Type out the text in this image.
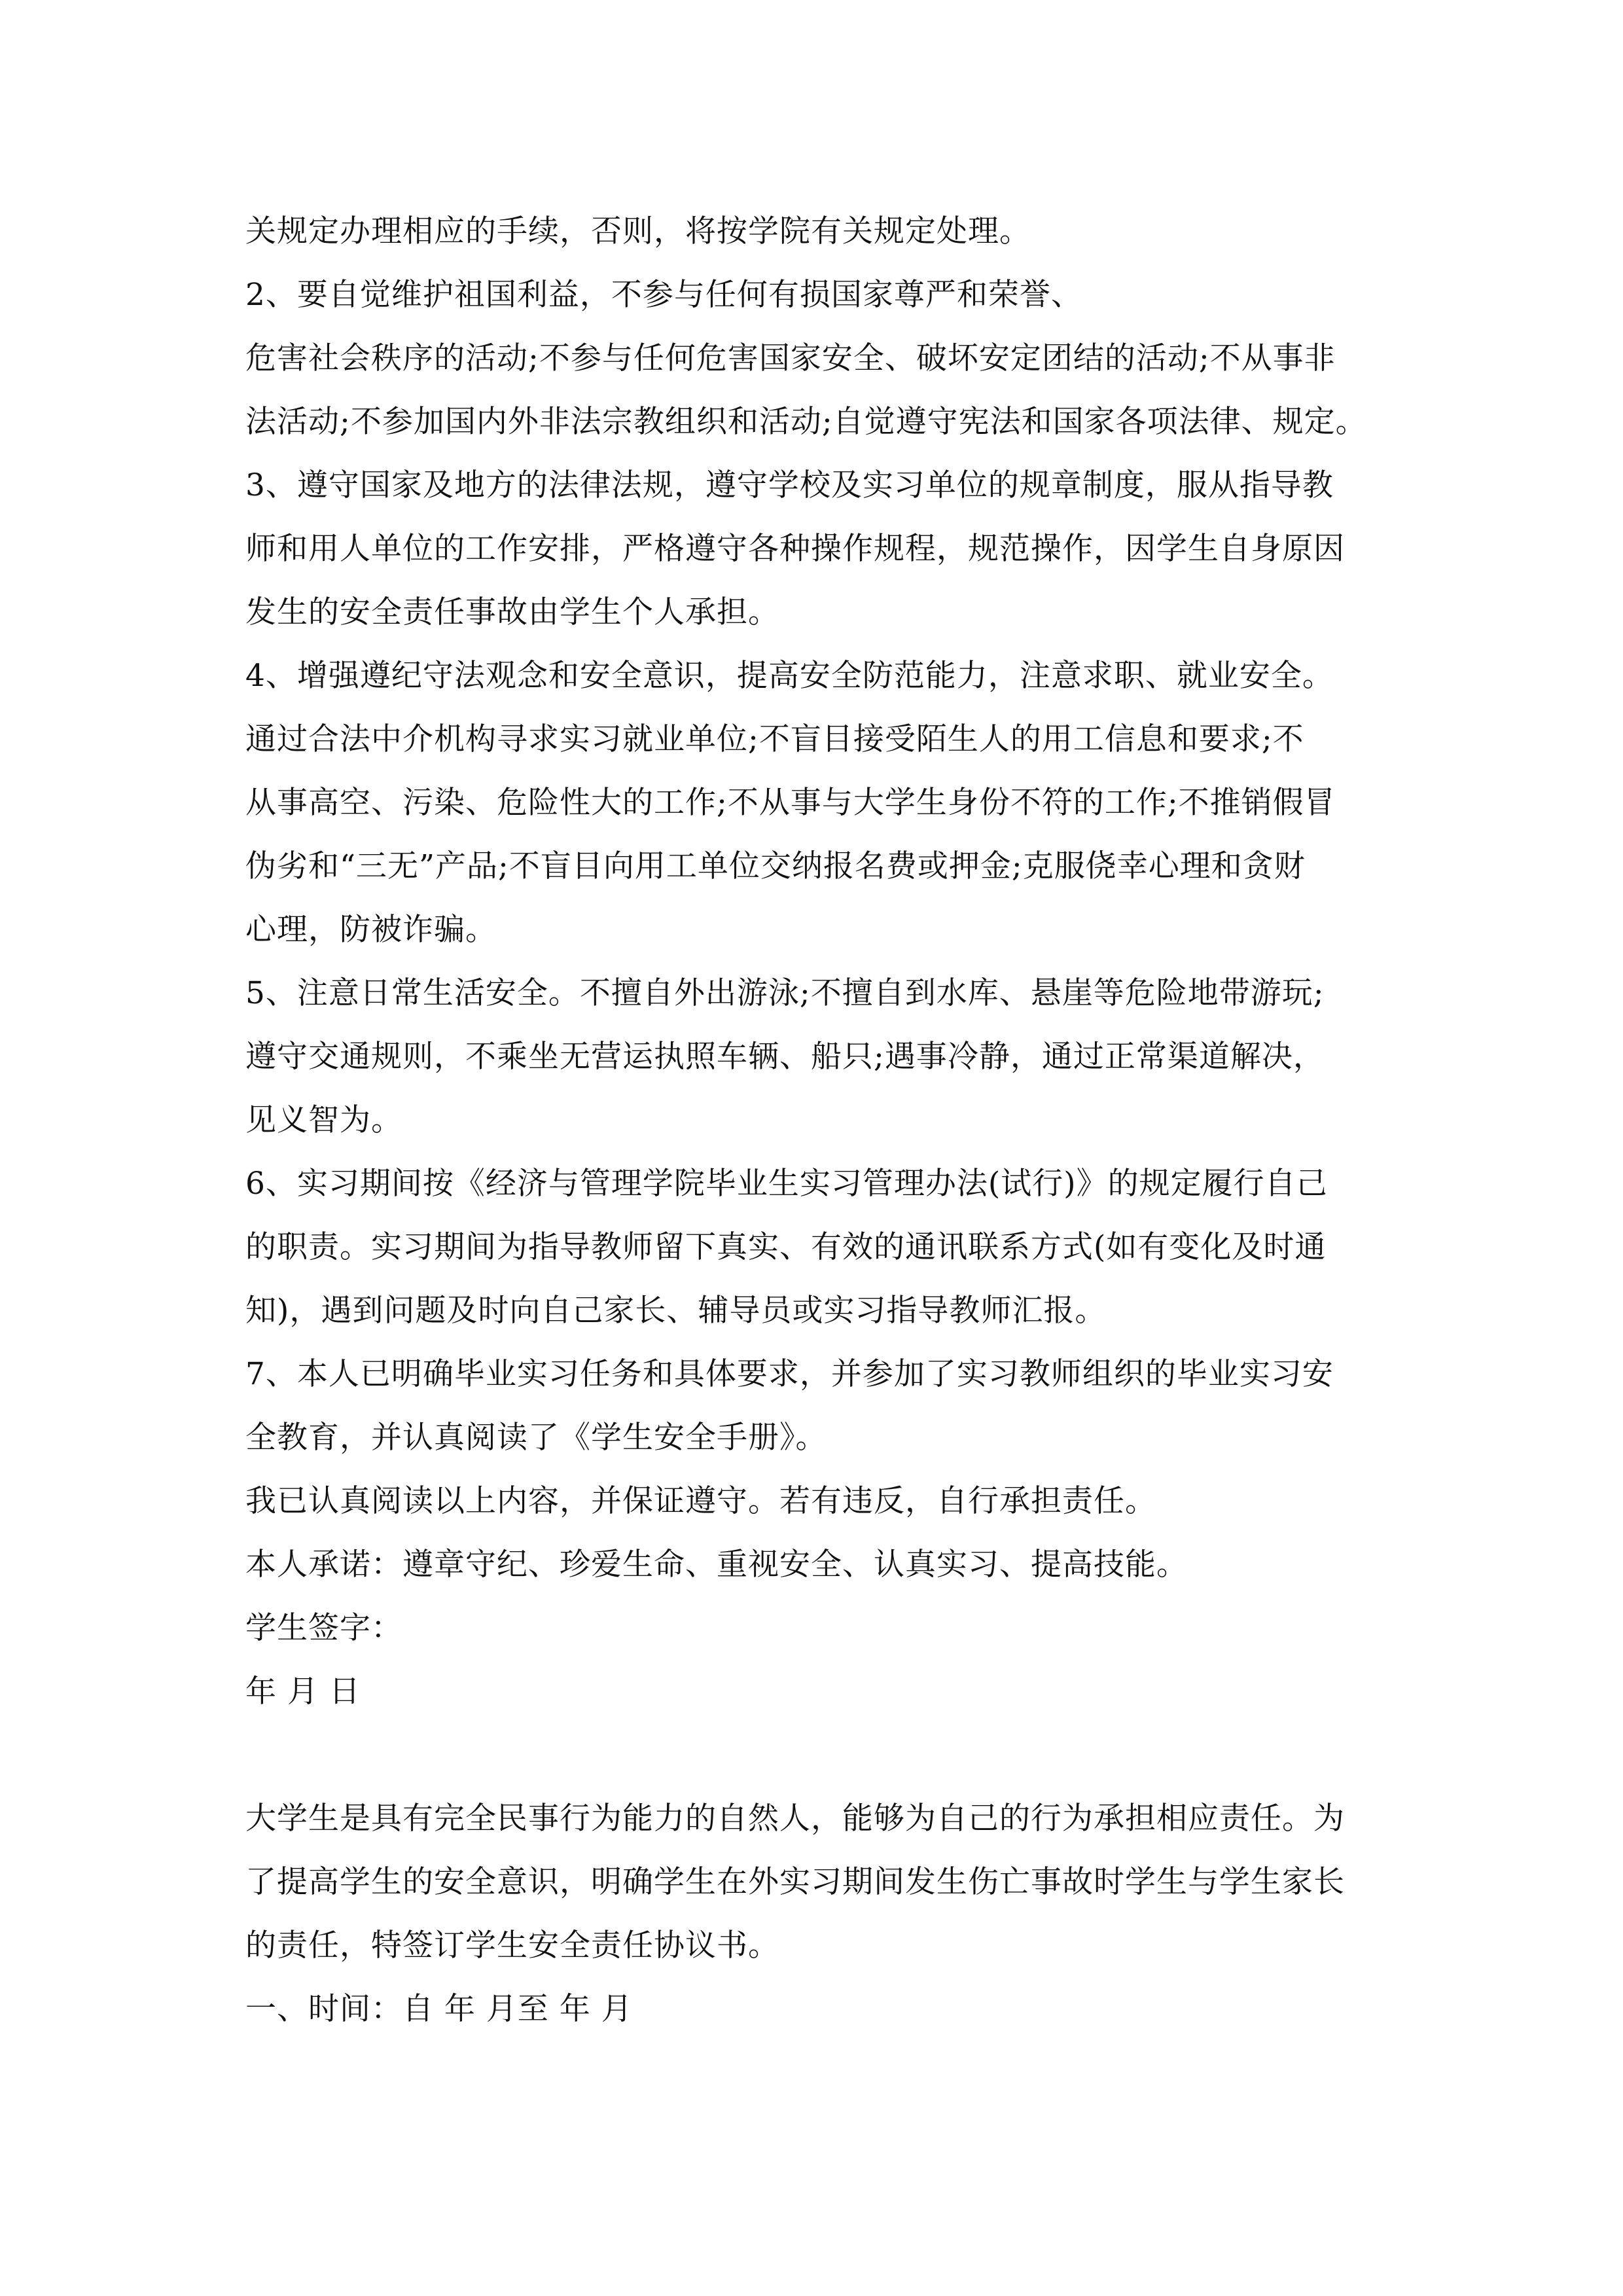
关规定办理相应的手续，否则，将按学院有关规定处理。
2、要自觉维护祖国利益，不参与任何有损国家尊严和荣誉、
危害社会秩序的活动;不参与任何危害国家安全、破坏安定团结的活动;不从事非
法活动;不参加国内外非法宗教组织和活动;自觉遵守宪法和国家各项法律、规定。
3、遵守国家及地方的法律法规，遵守学校及实习单位的规章制度，服从指导教
师和用人单位的工作安排，严格遵守各种操作规程，规范操作，因学生自身原因
发生的安全责任事故由学生个人承担。
4、增强遵纪守法观念和安全意识，提高安全防范能力，注意求职、就业安全。
通过合法中介机构寻求实习就业单位;不盲目接受陌生人的用工信息和要求;不
从事高空、污染、危险性大的工作;不从事与大学生身份不符的工作;不推销假冒
伪劣和“三无”产品;不盲目向用工单位交纳报名费或押金;克服侥幸心理和贪财
心理，防被诈骗。
5、注意日常生活安全。不擅自外出游泳;不擅自到水库、悬崖等危险地带游玩;
遵守交通规则，不乘坐无营运执照车辆、船只;遇事冷静，通过正常渠道解决，
见义智为。
6、实习期间按《经济与管理学院毕业生实习管理办法(试行)》的规定履行自己
的职责。实习期间为指导教师留下真实、有效的通讯联系方式(如有变化及时通
知)，遇到问题及时向自己家长、辅导员或实习指导教师汇报。
7、本人已明确毕业实习任务和具体要求，并参加了实习教师组织的毕业实习安
全教育，并认真阅读了《学生安全手册》。
我已认真阅读以上内容，并保证遵守。若有违反，自行承担责任。
本人承诺：遵章守纪、珍爱生命、重视安全、认真实习、提高技能。
学生签字：
年 月 日
大学生是具有完全民事行为能力的自然人，能够为自己的行为承担相应责任。为
了提高学生的安全意识，明确学生在外实习期间发生伤亡事故时学生与学生家长
的责任，特签订学生安全责任协议书。
一、时间：自 年 月至 年 月
